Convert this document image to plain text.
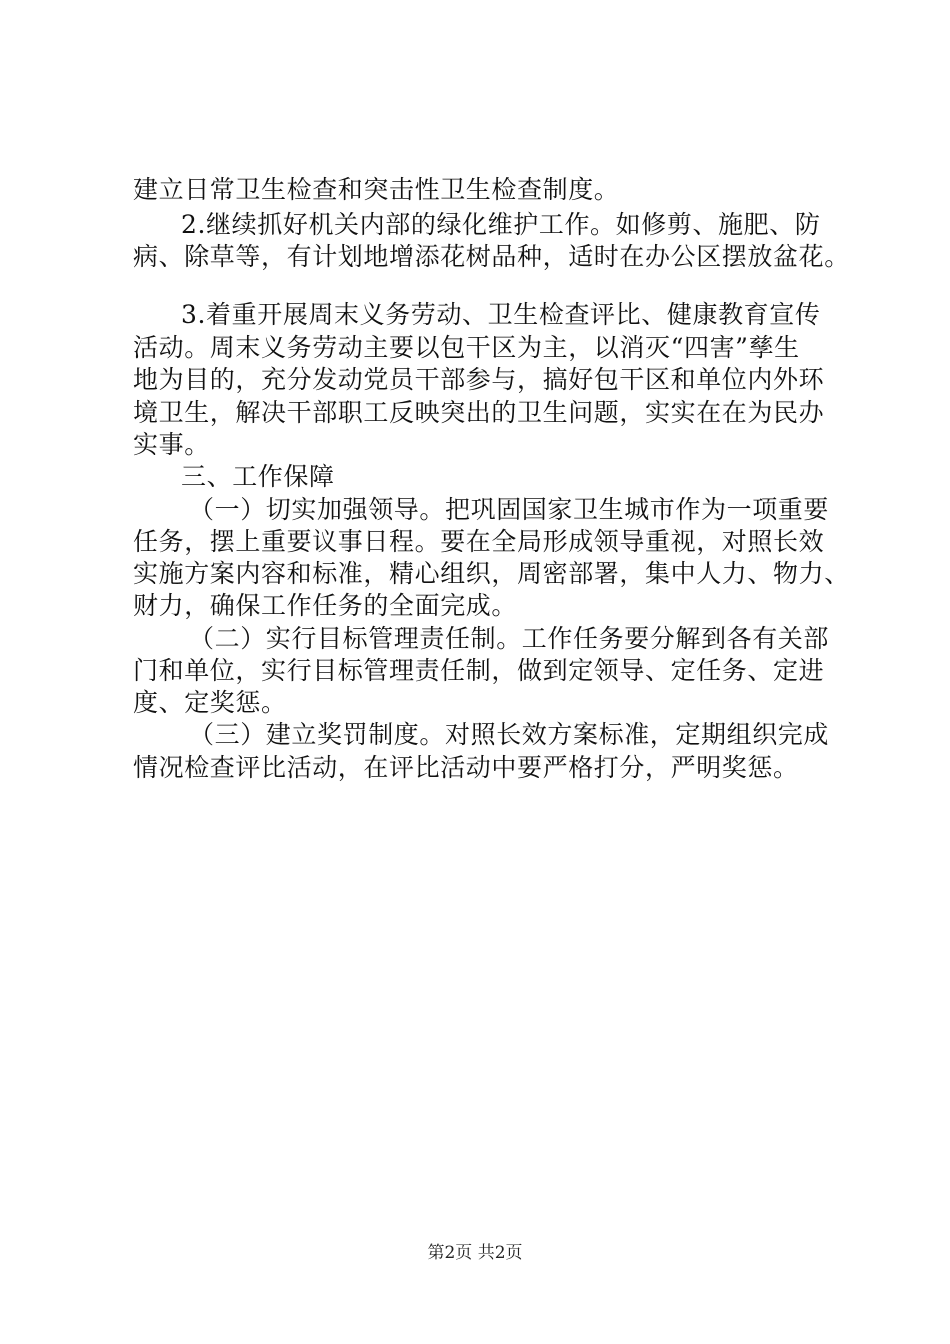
建立日常卫生检查和突击性卫生检查制度。

2.继续抓好机关内部的绿化维护工作。如修剪、施肥、防

病、除草等，有计划地增添花树品种，适时在办公区摆放盆花。

3.着重开展周末义务劳动、卫生检查评比、健康教育宣传

活动。周末义务劳动主要以包干区为主，以消灭“四害”孳生

地为目的，充分发动党员干部参与，搞好包干区和单位内外环

境卫生，解决干部职工反映突出的卫生问题，实实在在为民办

实事。

三、工作保障

（一）切实加强领导。把巩固国家卫生城市作为一项重要

任务，摆上重要议事日程。要在全局形成领导重视，对照长效

实施方案内容和标准，精心组织，周密部署，集中人力、物力、

财力，确保工作任务的全面完成。

（二）实行目标管理责任制。工作任务要分解到各有关部

门和单位，实行目标管理责任制，做到定领导、定任务、定进

度、定奖惩。

（三）建立奖罚制度。对照长效方案标准，定期组织完成

情况检查评比活动，在评比活动中要严格打分，严明奖惩。

第2页 共2页
